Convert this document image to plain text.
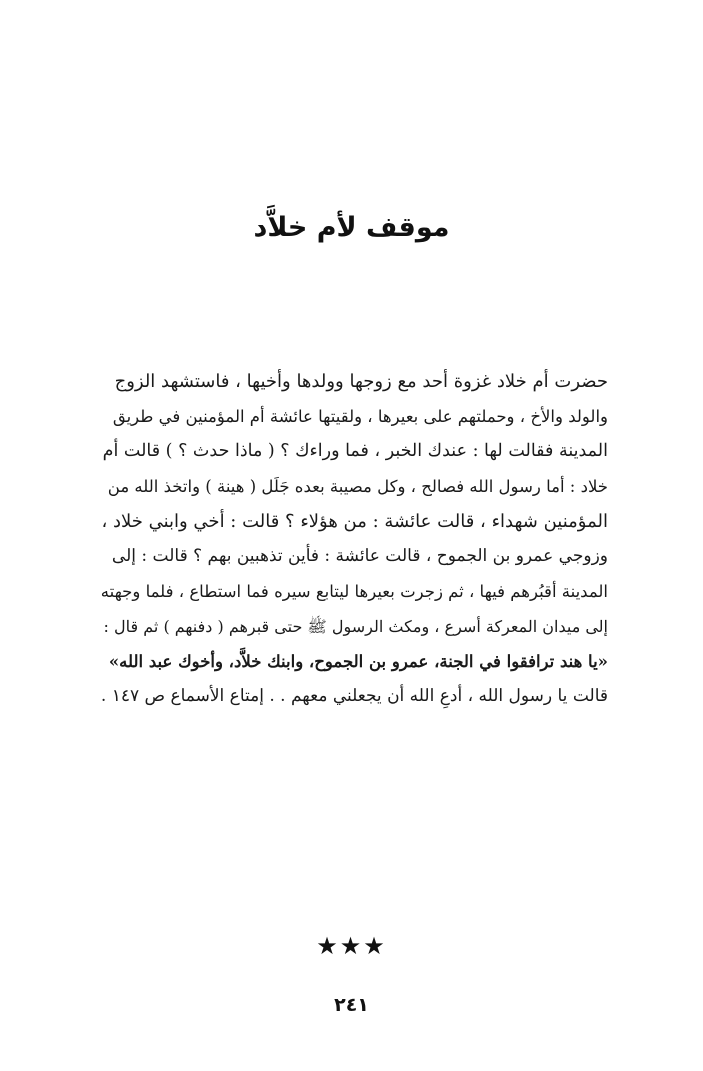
موقف لأم خلاَّد
حضرت أم خلاد غزوة أحد مع زوجها وولدها وأخيها ، فاستشهد الزوج
والولد والأخ ، وحملتهم على بعيرها ، ولقيتها عائشة أم المؤمنين في طريق
المدينة فقالت لها : عندك الخبر ، فما وراءك ؟ ( ماذا حدث ؟ ) قالت أم
خلاد : أما رسول الله فصالح ، وكل مصيبة بعده جَلَل ( هينة ) واتخذ الله من
المؤمنين شهداء ، قالت عائشة : من هؤلاء ؟ قالت : أخي وابني خلاد ،
وزوجي عمرو بن الجموح ، قالت عائشة : فأين تذهبين بهم ؟ قالت : إلى
المدينة أقبُرهم فيها ، ثم زجرت بعيرها ليتابع سيره فما استطاع ، فلما وجهته
إلى ميدان المعركة أسرع ، ومكث الرسول ﷺ حتى قبرهم ( دفنهم ) ثم قال :
«يا هند ترافقوا في الجنة، عمرو بن الجموح، وابنك خلاَّد، وأخوك عبد الله»
قالت يا رسول الله ، أدعِ الله أن يجعلني معهم . . إمتاع الأسماع ص ١٤٧ .
★★★
٢٤١
